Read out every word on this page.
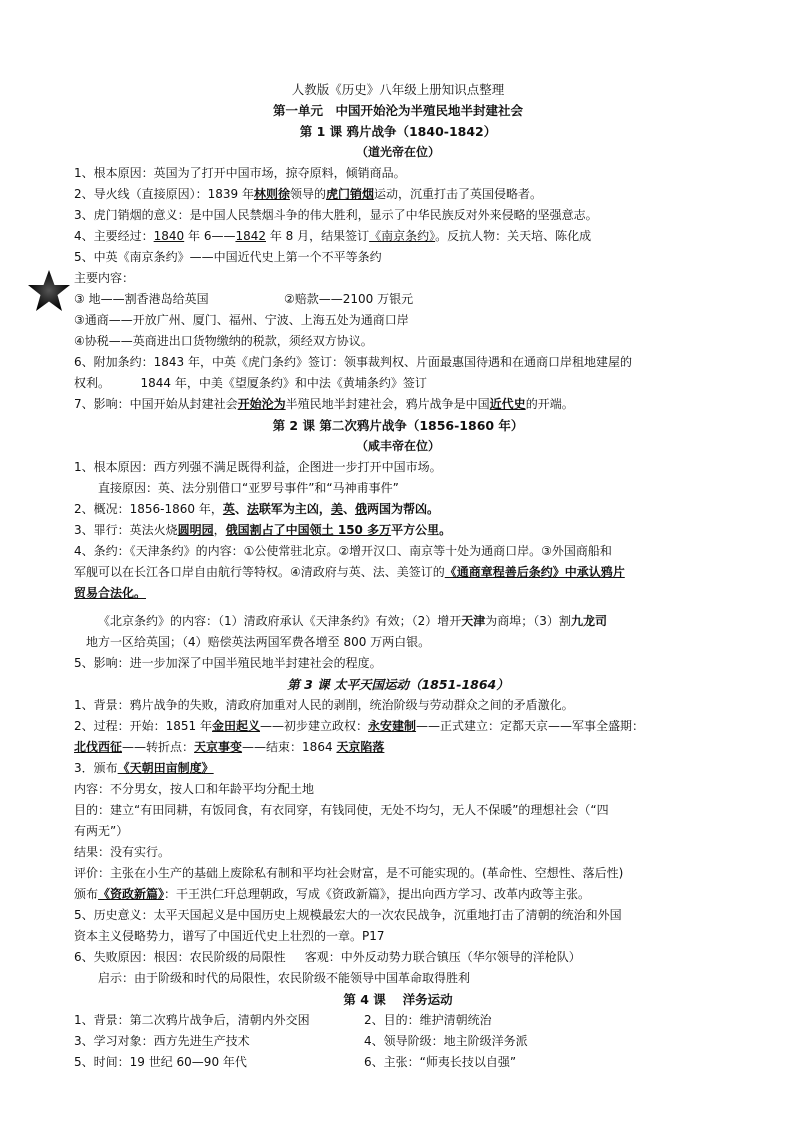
人教版《历史》八年级上册知识点整理
第一单元　中国开始沦为半殖民地半封建社会
第 1 课 鸦片战争（1840-1842）
（道光帝在位）
1、根本原因：英国为了打开中国市场，掠夺原料，倾销商品。
2、导火线（直接原因）：1839 年林则徐领导的虎门销烟运动，沉重打击了英国侵略者。
3、虎门销烟的意义：是中国人民禁烟斗争的伟大胜利，显示了中华民族反对外来侵略的坚强意志。
4、主要经过：1840 年 6——1842 年 8 月，结果签订《南京条约》。反抗人物：关天培、陈化成
5、中英《南京条约》——中国近代史上第一个不平等条约
主要内容：
③ 地——割香港岛给英国	②赔款——2100 万银元
③通商——开放广州、厦门、福州、宁波、上海五处为通商口岸
④协税——英商进出口货物缴纳的税款，须经双方协议。
6、附加条约：1843 年，中英《虎门条约》签订：领事裁判权、片面最惠国待遇和在通商口岸租地建屋的
权利。        1844 年，中美《望厦条约》和中法《黄埔条约》签订
7、影响：中国开始从封建社会开始沦为半殖民地半封建社会，鸦片战争是中国近代史的开端。
第 2 课 第二次鸦片战争（1856-1860 年）
（咸丰帝在位）
1、根本原因：西方列强不满足既得利益，企图进一步打开中国市场。
直接原因：英、法分别借口“亚罗号事件”和“马神甫事件”
2、概况：1856-1860 年，英、法联军为主凶，美、俄两国为帮凶。
3、罪行：英法火烧圆明园，俄国割占了中国领土 150 多万平方公里。
4、条约：《天津条约》的内容：①公使常驻北京。②增开汉口、南京等十处为通商口岸。③外国商船和
军舰可以在长江各口岸自由航行等特权。④清政府与英、法、美签订的《通商章程善后条约》中承认鸦片
贸易合法化。
《北京条约》的内容：（1）清政府承认《天津条约》有效；（2）增开天津为商埠；（3）割九龙司
地方一区给英国；（4）赔偿英法两国军费各增至 800 万两白银。
5、影响：进一步加深了中国半殖民地半封建社会的程度。
第 3 课 太平天国运动（1851-1864）
1、背景：鸦片战争的失败，清政府加重对人民的剥削，统治阶级与劳动群众之间的矛盾激化。
2、过程：开始：1851 年金田起义——初步建立政权：永安建制——正式建立：定都天京——军事全盛期：
北伐西征——转折点：天京事变——结束：1864 天京陷落
3．颁布《天朝田亩制度》
内容：不分男女，按人口和年龄平均分配土地
目的：建立“有田同耕，有饭同食，有衣同穿，有钱同使，无处不均匀，无人不保暖”的理想社会（“四
有两无”）
结果：没有实行。
评价：主张在小生产的基础上废除私有制和平均社会财富，是不可能实现的。(革命性、空想性、落后性)
颁布《资政新篇》：干王洪仁玕总理朝政，写成《资政新篇》，提出向西方学习、改革内政等主张。
5、历史意义：太平天国起义是中国历史上规模最宏大的一次农民战争，沉重地打击了清朝的统治和外国
资本主义侵略势力，谱写了中国近代史上壮烈的一章。P17
6、失败原因：根因：农民阶级的局限性     客观：中外反动势力联合镇压（华尔领导的洋枪队）
启示：由于阶级和时代的局限性，农民阶级不能领导中国革命取得胜利
第 4 课　 洋务运动
1、背景：第二次鸦片战争后，清朝内外交困	2、目的：维护清朝统治
3、学习对象：西方先进生产技术	4、领导阶级：地主阶级洋务派
5、时间：19 世纪 60—90 年代	6、主张：“师夷长技以自强”
